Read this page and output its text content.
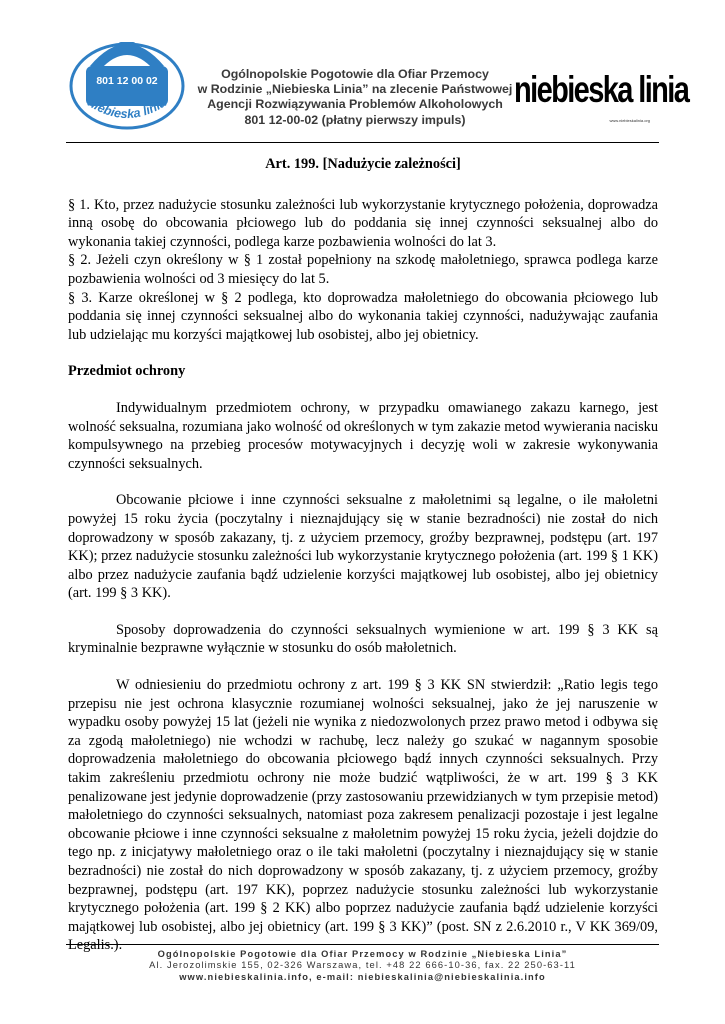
801 12 00 02
niebieska linia
Ogólnopolskie Pogotowie dla Ofiar Przemocy
w Rodzinie „Niebieska Linia” na zlecenie Państwowej
Agencji Rozwiązywania Problemów Alkoholowych
801 12-00-02 (płatny pierwszy impuls)
niebieska linia
www.niebieskalinia.org

Art. 199. [Nadużycie zależności]

§ 1. Kto, przez nadużycie stosunku zależności lub wykorzystanie krytycznego położenia, doprowadza inną osobę do obcowania płciowego lub do poddania się innej czynności seksualnej albo do wykonania takiej czynności, podlega karze pozbawienia wolności do lat 3.

§ 2. Jeżeli czyn określony w § 1 został popełniony na szkodę małoletniego, sprawca podlega karze pozbawienia wolności od 3 miesięcy do lat 5.

§ 3. Karze określonej w § 2 podlega, kto doprowadza małoletniego do obcowania płciowego lub poddania się innej czynności seksualnej albo do wykonania takiej czynności, nadużywając zaufania lub udzielając mu korzyści majątkowej lub osobistej, albo jej obietnicy.

Przedmiot ochrony

Indywidualnym przedmiotem ochrony, w przypadku omawianego zakazu karnego, jest wolność seksualna, rozumiana jako wolność od określonych w tym zakazie metod wywierania nacisku kompulsywnego na przebieg procesów motywacyjnych i decyzję woli w zakresie wykonywania czynności seksualnych.

Obcowanie płciowe i inne czynności seksualne z małoletnimi są legalne, o ile małoletni powyżej 15 roku życia (poczytalny i nieznajdujący się w stanie bezradności) nie został do nich doprowadzony w sposób zakazany, tj. z użyciem przemocy, groźby bezprawnej, podstępu (art. 197 KK); przez nadużycie stosunku zależności lub wykorzystanie krytycznego położenia (art. 199 § 1 KK) albo przez nadużycie zaufania bądź udzielenie korzyści majątkowej lub osobistej, albo jej obietnicy (art. 199 § 3 KK).

Sposoby doprowadzenia do czynności seksualnych wymienione w art. 199 § 3 KK są kryminalnie bezprawne wyłącznie w stosunku do osób małoletnich.

W odniesieniu do przedmiotu ochrony z art. 199 § 3 KK SN stwierdził: „Ratio legis tego przepisu nie jest ochrona klasycznie rozumianej wolności seksualnej, jako że jej naruszenie w wypadku osoby powyżej 15 lat (jeżeli nie wynika z niedozwolonych przez prawo metod i odbywa się za zgodą małoletniego) nie wchodzi w rachubę, lecz należy go szukać w nagannym sposobie doprowadzenia małoletniego do obcowania płciowego bądź innych czynności seksualnych. Przy takim zakreśleniu przedmiotu ochrony nie może budzić wątpliwości, że w art. 199 § 3 KK penalizowane jest jedynie doprowadzenie (przy zastosowaniu przewidzianych w tym przepisie metod) małoletniego do czynności seksualnych, natomiast poza zakresem penalizacji pozostaje i jest legalne obcowanie płciowe i inne czynności seksualne z małoletnim powyżej 15 roku życia, jeżeli dojdzie do tego np. z inicjatywy małoletniego oraz o ile taki małoletni (poczytalny i nieznajdujący się w stanie bezradności) nie został do nich doprowadzony w sposób zakazany, tj. z użyciem przemocy, groźby bezprawnej, podstępu (art. 197 KK), poprzez nadużycie stosunku zależności lub wykorzystanie krytycznego położenia (art. 199 § 2 KK) albo poprzez nadużycie zaufania bądź udzielenie korzyści majątkowej lub osobistej, albo jej obietnicy (art. 199 § 3 KK)” (post. SN z 2.6.2010 r., V KK 369/09, Legalis.).

Ogólnopolskie Pogotowie dla Ofiar Przemocy w Rodzinie „Niebieska Linia”
Al. Jerozolimskie 155, 02-326 Warszawa, tel. +48 22 666-10-36, fax. 22 250-63-11
www.niebieskalinia.info, e-mail: niebieskalinia@niebieskalinia.info
